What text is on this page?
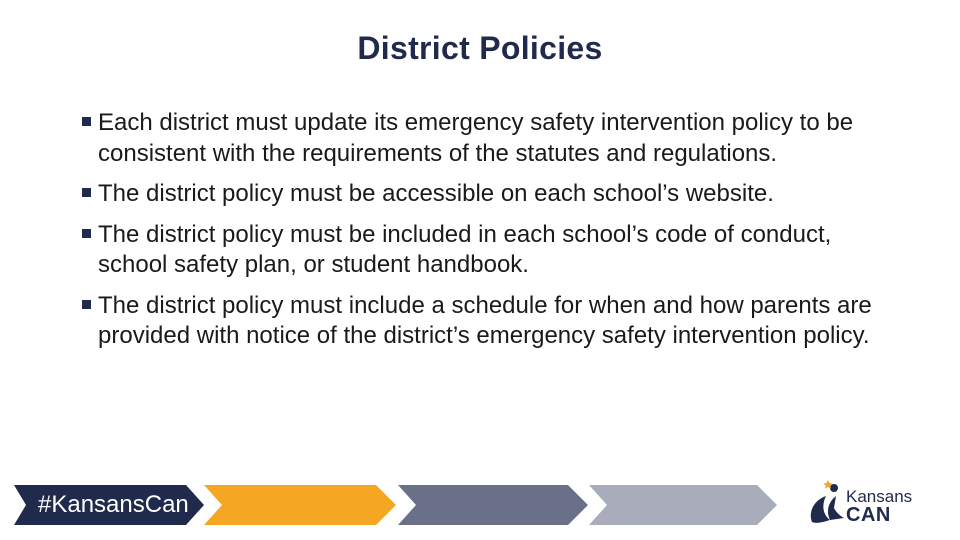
District Policies
Each district must update its emergency safety intervention policy to be consistent with the requirements of the statutes and regulations.
The district policy must be accessible on each school’s website.
The district policy must be included in each school’s code of conduct, school safety plan, or student handbook.
The district policy must include a schedule for when and how parents are provided with notice of the district’s emergency safety intervention policy.
#KansansCan	Kansans
CAN
